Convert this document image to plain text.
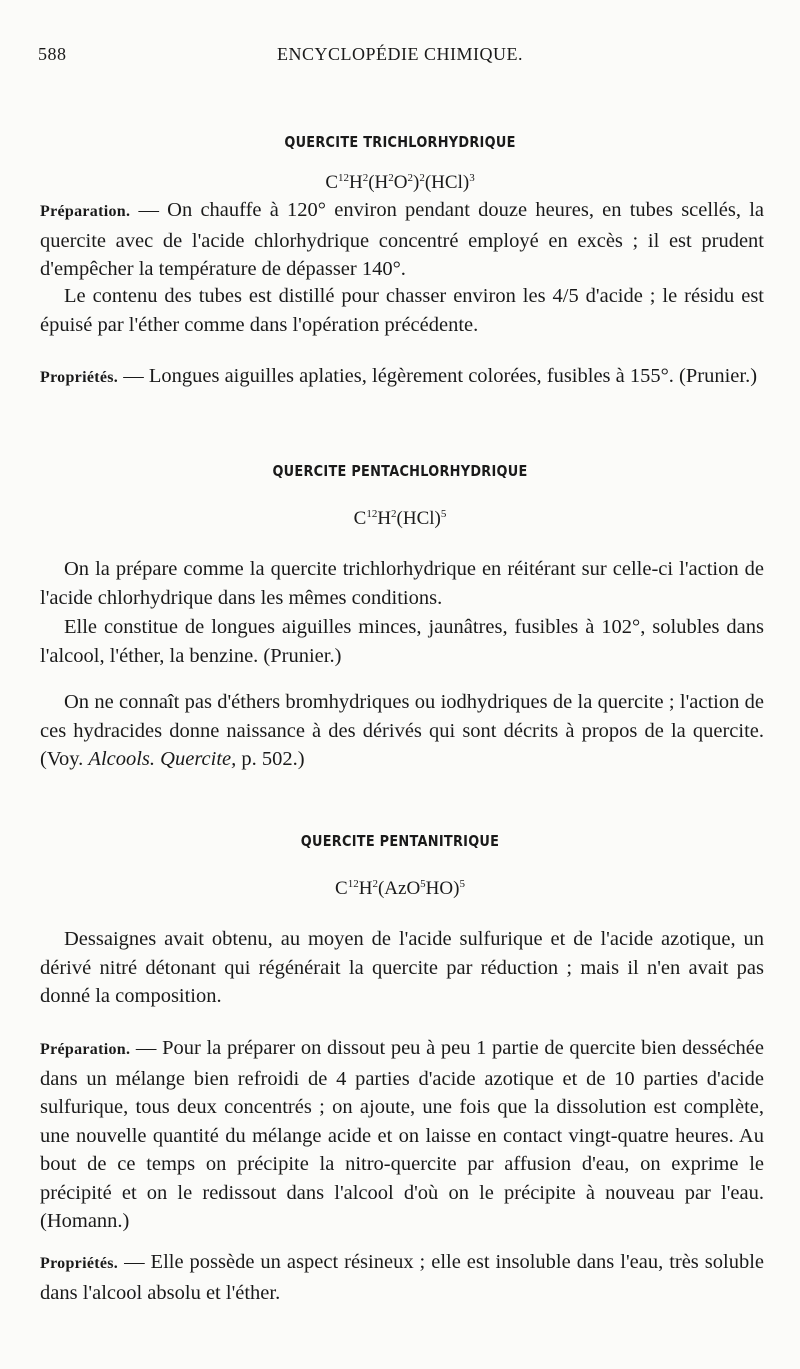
588	ENCYCLOPÉDIE CHIMIQUE.
QUERCITE TRICHLORHYDRIQUE
$C^{12}H^2(H^2O^2)^2(HCl)^3$

Préparation. — On chauffe à 120° environ pendant douze heures, en tubes scellés, la quercite avec de l'acide chlorhydrique concentré employé en excès ; il est prudent d'empêcher la température de dépasser 140°.

Le contenu des tubes est distillé pour chasser environ les 4/5 d'acide ; le résidu est épuisé par l'éther comme dans l'opération précédente.

Propriétés. — Longues aiguilles aplaties, légèrement colorées, fusibles à 155°. (Prunier.)

QUERCITE PENTACHLORHYDRIQUE
$C^{12}H^2(HCl)^5$

On la prépare comme la quercite trichlorhydrique en réitérant sur celle-ci l'action de l'acide chlorhydrique dans les mêmes conditions.

Elle constitue de longues aiguilles minces, jaunâtres, fusibles à 102°, solubles dans l'alcool, l'éther, la benzine. (Prunier.)

On ne connaît pas d'éthers bromhydriques ou iodhydriques de la quercite ; l'action de ces hydracides donne naissance à des dérivés qui sont décrits à propos de la quercite. (Voy. Alcools. Quercite, p. 502.)

QUERCITE PENTANITRIQUE
$C^{12}H^2(AzO^5HO)^5$

Dessaignes avait obtenu, au moyen de l'acide sulfurique et de l'acide azotique, un dérivé nitré détonant qui régénérait la quercite par réduction ; mais il n'en avait pas donné la composition.

Préparation. — Pour la préparer on dissout peu à peu 1 partie de quercite bien desséchée dans un mélange bien refroidi de 4 parties d'acide azotique et de 10 parties d'acide sulfurique, tous deux concentrés ; on ajoute, une fois que la dissolution est complète, une nouvelle quantité du mélange acide et on laisse en contact vingt-quatre heures. Au bout de ce temps on précipite la nitro-quercite par affusion d'eau, on exprime le précipité et on le redissout dans l'alcool d'où on le précipite à nouveau par l'eau. (Homann.)

Propriétés. — Elle possède un aspect résineux ; elle est insoluble dans l'eau, très soluble dans l'alcool absolu et l'éther.
